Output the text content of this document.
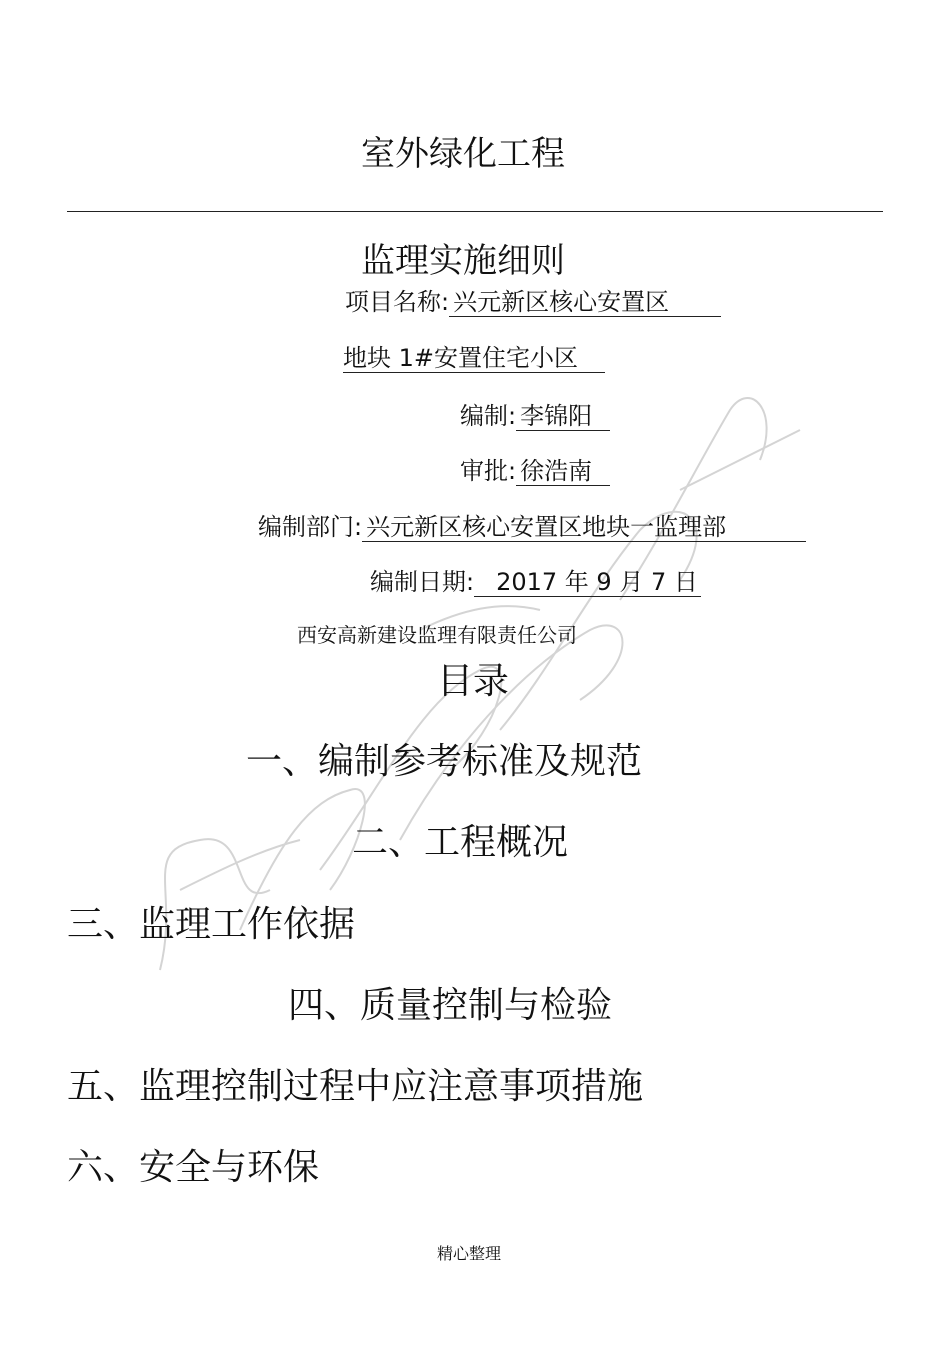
室外绿化工程
监理实施细则
项目名称: 兴元新区核心安置区
地块 1#安置住宅小区
编制: 李锦阳
审批: 徐浩南
编制部门: 兴元新区核心安置区地块一监理部
编制日期: 2017 年 9 月 7 日
西安高新建设监理有限责任公司
目录
一、编制参考标准及规范
二、工程概况
三、监理工作依据
四、质量控制与检验
五、监理控制过程中应注意事项措施
六、安全与环保
精心整理
